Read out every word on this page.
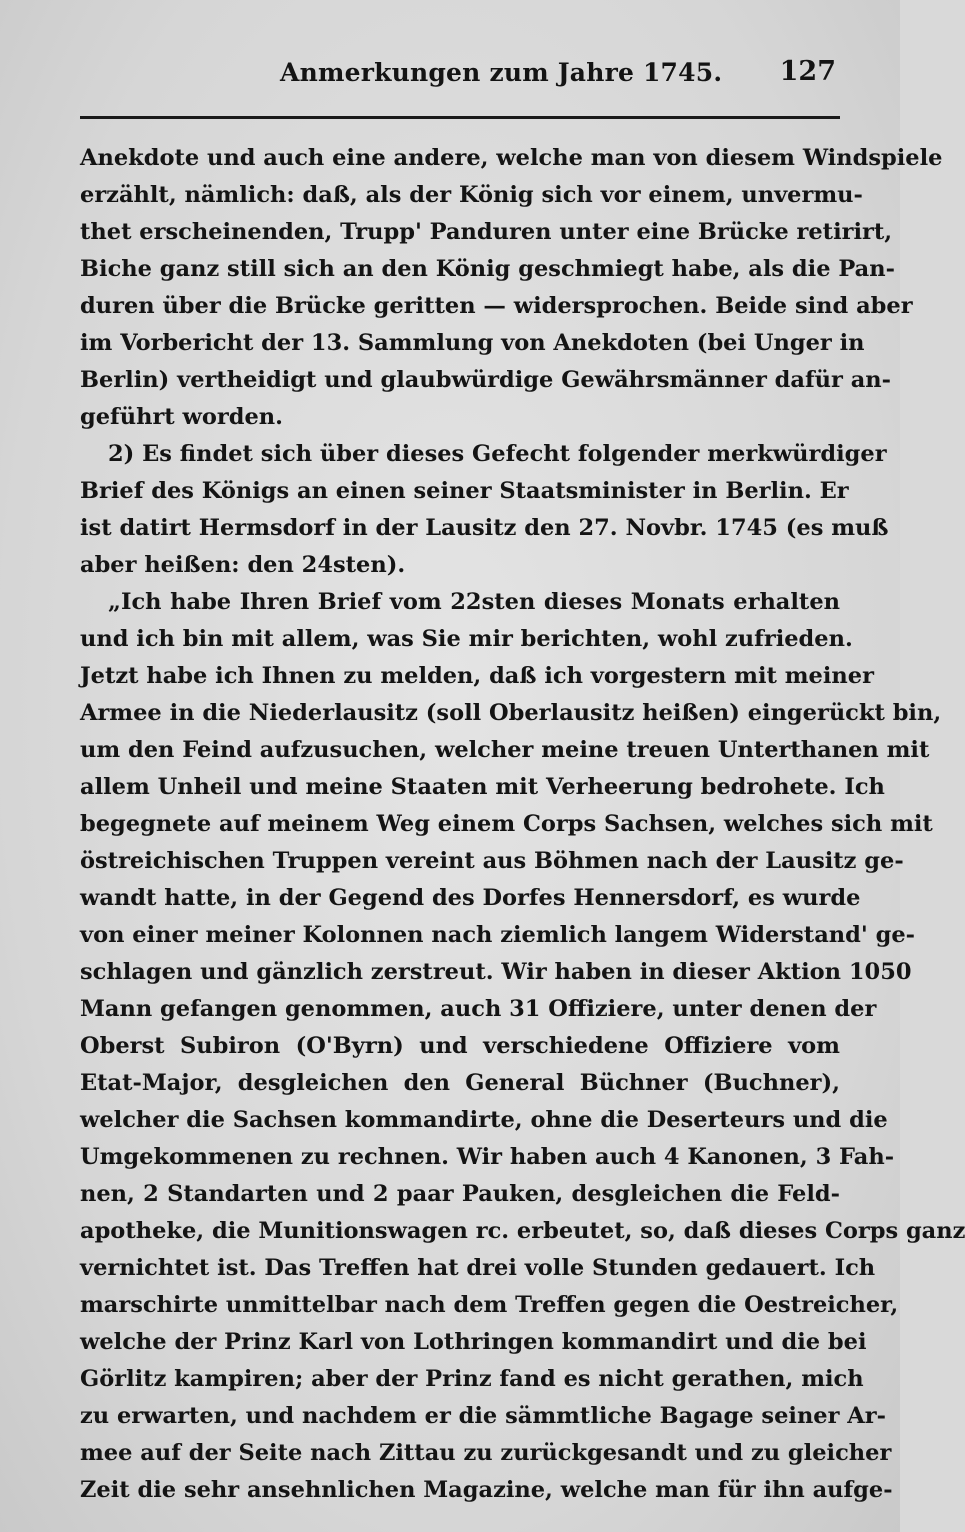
Anmerkungen zum Jahre 1745. 127
Anekdote und auch eine andere, welche man von diesem Windspiele
erzählt, nämlich: daß, als der König sich vor einem, unvermu-
thet erscheinenden, Trupp' Panduren unter eine Brücke retirirt,
Biche ganz still sich an den König geschmiegt habe, als die Pan-
duren über die Brücke geritten — widersprochen. Beide sind aber
im Vorbericht der 13. Sammlung von Anekdoten (bei Unger in
Berlin) vertheidigt und glaubwürdige Gewährsmänner dafür an-
geführt worden.
2) Es findet sich über dieses Gefecht folgender merkwürdiger
Brief des Königs an einen seiner Staatsminister in Berlin. Er
ist datirt Hermsdorf in der Lausitz den 27. Novbr. 1745 (es muß
aber heißen: den 24sten).
„Ich habe Ihren Brief vom 22sten dieses Monats erhalten
und ich bin mit allem, was Sie mir berichten, wohl zufrieden.
Jetzt habe ich Ihnen zu melden, daß ich vorgestern mit meiner
Armee in die Niederlausitz (soll Oberlausitz heißen) eingerückt bin,
um den Feind aufzusuchen, welcher meine treuen Unterthanen mit
allem Unheil und meine Staaten mit Verheerung bedrohete. Ich
begegnete auf meinem Weg einem Corps Sachsen, welches sich mit
östreichischen Truppen vereint aus Böhmen nach der Lausitz ge-
wandt hatte, in der Gegend des Dorfes Hennersdorf, es wurde
von einer meiner Kolonnen nach ziemlich langem Widerstand' ge-
schlagen und gänzlich zerstreut. Wir haben in dieser Aktion 1050
Mann gefangen genommen, auch 31 Offiziere, unter denen der
Oberst Subiron (O'Byrn) und verschiedene Offiziere vom
Etat-Major, desgleichen den General Büchner (Buchner),
welcher die Sachsen kommandirte, ohne die Deserteurs und die
Umgekommenen zu rechnen. Wir haben auch 4 Kanonen, 3 Fah-
nen, 2 Standarten und 2 paar Pauken, desgleichen die Feld-
apotheke, die Munitionswagen rc. erbeutet, so, daß dieses Corps ganz
vernichtet ist. Das Treffen hat drei volle Stunden gedauert. Ich
marschirte unmittelbar nach dem Treffen gegen die Oestreicher,
welche der Prinz Karl von Lothringen kommandirt und die bei
Görlitz kampiren; aber der Prinz fand es nicht gerathen, mich
zu erwarten, und nachdem er die sämmtliche Bagage seiner Ar-
mee auf der Seite nach Zittau zu zurückgesandt und zu gleicher
Zeit die sehr ansehnlichen Magazine, welche man für ihn aufge-
